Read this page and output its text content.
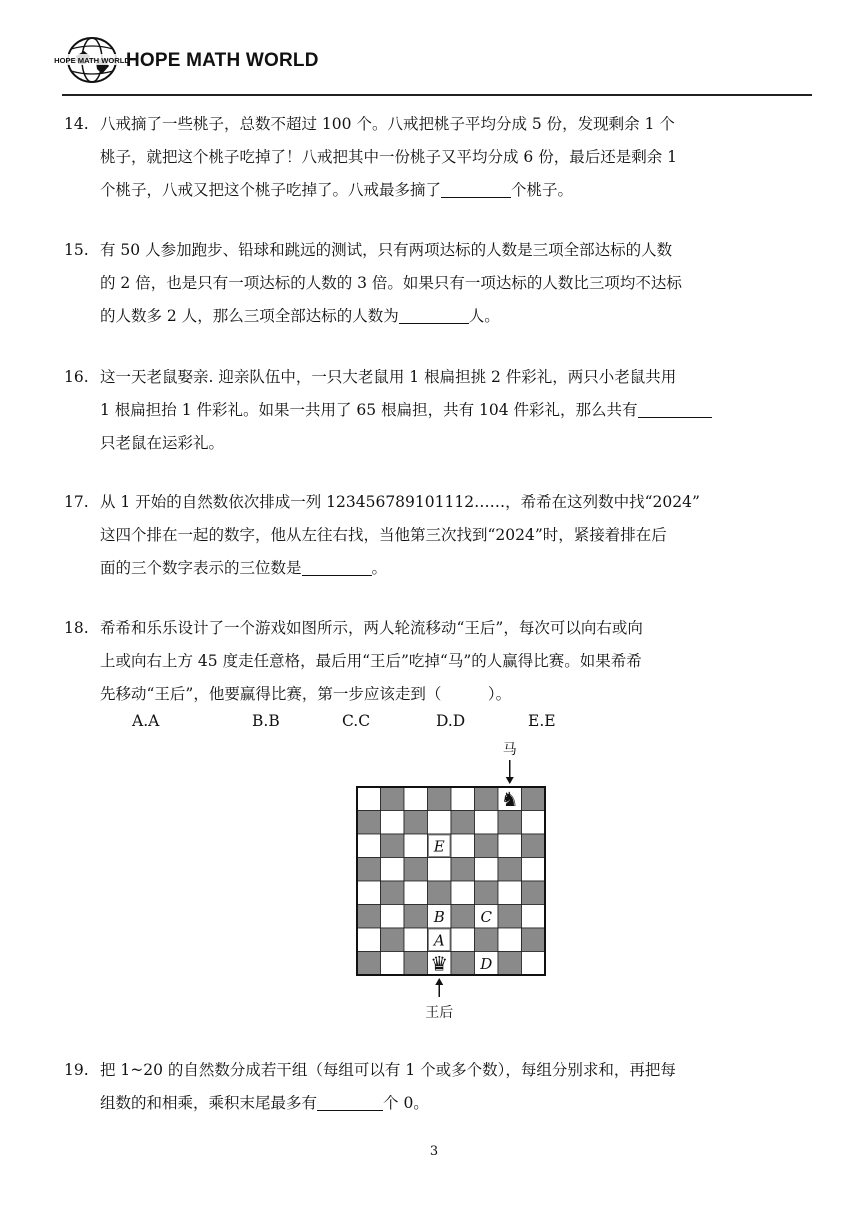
HOPE MATH WORLD
HOPE MATH WORLD
14. 八戒摘了一些桃子，总数不超过 100 个。八戒把桃子平均分成 5 份，发现剩余 1 个

桃子，就把这个桃子吃掉了！八戒把其中一份桃子又平均分成 6 份，最后还是剩余 1

个桃子，八戒又把这个桃子吃掉了。八戒最多摘了	个桃子。

15. 有 50 人参加跑步、铅球和跳远的测试，只有两项达标的人数是三项全部达标的人数

的 2 倍，也是只有一项达标的人数的 3 倍。如果只有一项达标的人数比三项均不达标

的人数多 2 人，那么三项全部达标的人数为	人。

16. 这一天老鼠娶亲. 迎亲队伍中，一只大老鼠用 1 根扁担挑 2 件彩礼，两只小老鼠共用

1 根扁担抬 1 件彩礼。如果一共用了 65 根扁担，共有 104 件彩礼，那么共有

只老鼠在运彩礼。

17. 从 1 开始的自然数依次排成一列 123456789101112……，希希在这列数中找“2024”

这四个排在一起的数字，他从左往右找，当他第三次找到“2024”时，紧接着排在后

面的三个数字表示的三位数是	。

18. 希希和乐乐设计了一个游戏如图所示，两人轮流移动“王后”，每次可以向右或向

上或向右上方 45 度走任意格，最后用“王后”吃掉“马”的人赢得比赛。如果希希

先移动“王后”，他要赢得比赛，第一步应该走到（　　　）。

A.A	B.B	C.C	D.D	E.E
E
B C
A
D
♞
♛
马
王后
19. 把 1~20 的自然数分成若干组（每组可以有 1 个或多个数），每组分别求和，再把每

组数的和相乘，乘积末尾最多有	个 0。

3
